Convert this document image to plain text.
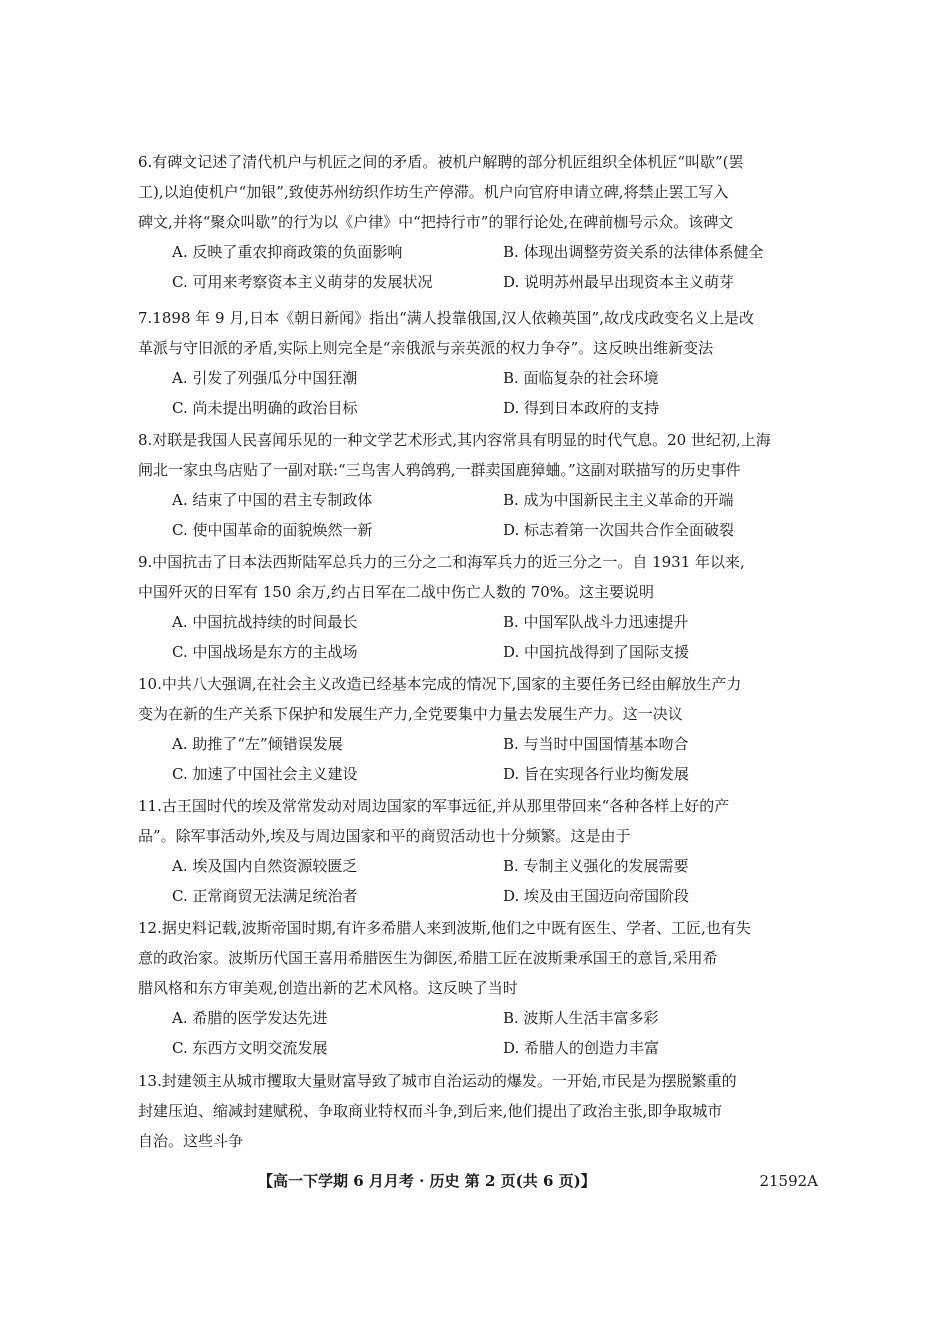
6.有碑文记述了清代机户与机匠之间的矛盾。被机户解聘的部分机匠组织全体机匠“叫歇”(罢
工),以迫使机户“加银”,致使苏州纺织作坊生产停滞。机户向官府申请立碑,将禁止罢工写入
碑文,并将“聚众叫歇”的行为以《户律》中“把持行市”的罪行论处,在碑前枷号示众。该碑文
A. 反映了重农抑商政策的负面影响	B. 体现出调整劳资关系的法律体系健全
C. 可用来考察资本主义萌芽的发展状况	D. 说明苏州最早出现资本主义萌芽
7.1898 年 9 月,日本《朝日新闻》指出“满人投靠俄国,汉人依赖英国”,故戊戌政变名义上是改
革派与守旧派的矛盾,实际上则完全是“亲俄派与亲英派的权力争夺”。这反映出维新变法
A. 引发了列强瓜分中国狂潮	B. 面临复杂的社会环境
C. 尚未提出明确的政治目标	D. 得到日本政府的支持
8.对联是我国人民喜闻乐见的一种文学艺术形式,其内容常具有明显的时代气息。20 世纪初,上海
闸北一家虫鸟店贴了一副对联:“三鸟害人鸦鸽鸦,一群卖国鹿獐蛐。”这副对联描写的历史事件
A. 结束了中国的君主专制政体	B. 成为中国新民主主义革命的开端
C. 使中国革命的面貌焕然一新	D. 标志着第一次国共合作全面破裂
9.中国抗击了日本法西斯陆军总兵力的三分之二和海军兵力的近三分之一。自 1931 年以来,
中国歼灭的日军有 150 余万,约占日军在二战中伤亡人数的 70%。这主要说明
A. 中国抗战持续的时间最长	B. 中国军队战斗力迅速提升
C. 中国战场是东方的主战场	D. 中国抗战得到了国际支援
10.中共八大强调,在社会主义改造已经基本完成的情况下,国家的主要任务已经由解放生产力
变为在新的生产关系下保护和发展生产力,全党要集中力量去发展生产力。这一决议
A. 助推了“左”倾错误发展	B. 与当时中国国情基本吻合
C. 加速了中国社会主义建设	D. 旨在实现各行业均衡发展
11.古王国时代的埃及常常发动对周边国家的军事远征,并从那里带回来“各种各样上好的产
品”。除军事活动外,埃及与周边国家和平的商贸活动也十分频繁。这是由于
A. 埃及国内自然资源较匮乏	B. 专制主义强化的发展需要
C. 正常商贸无法满足统治者	D. 埃及由王国迈向帝国阶段
12.据史料记载,波斯帝国时期,有许多希腊人来到波斯,他们之中既有医生、学者、工匠,也有失
意的政治家。波斯历代国王喜用希腊医生为御医,希腊工匠在波斯秉承国王的意旨,采用希
腊风格和东方审美观,创造出新的艺术风格。这反映了当时
A. 希腊的医学发达先进	B. 波斯人生活丰富多彩
C. 东西方文明交流发展	D. 希腊人的创造力丰富
13.封建领主从城市攫取大量财富导致了城市自治运动的爆发。一开始,市民是为摆脱繁重的
封建压迫、缩减封建赋税、争取商业特权而斗争,到后来,他们提出了政治主张,即争取城市
自治。这些斗争
【高一下学期 6 月月考 · 历史 第 2 页(共 6 页)】	21592A
